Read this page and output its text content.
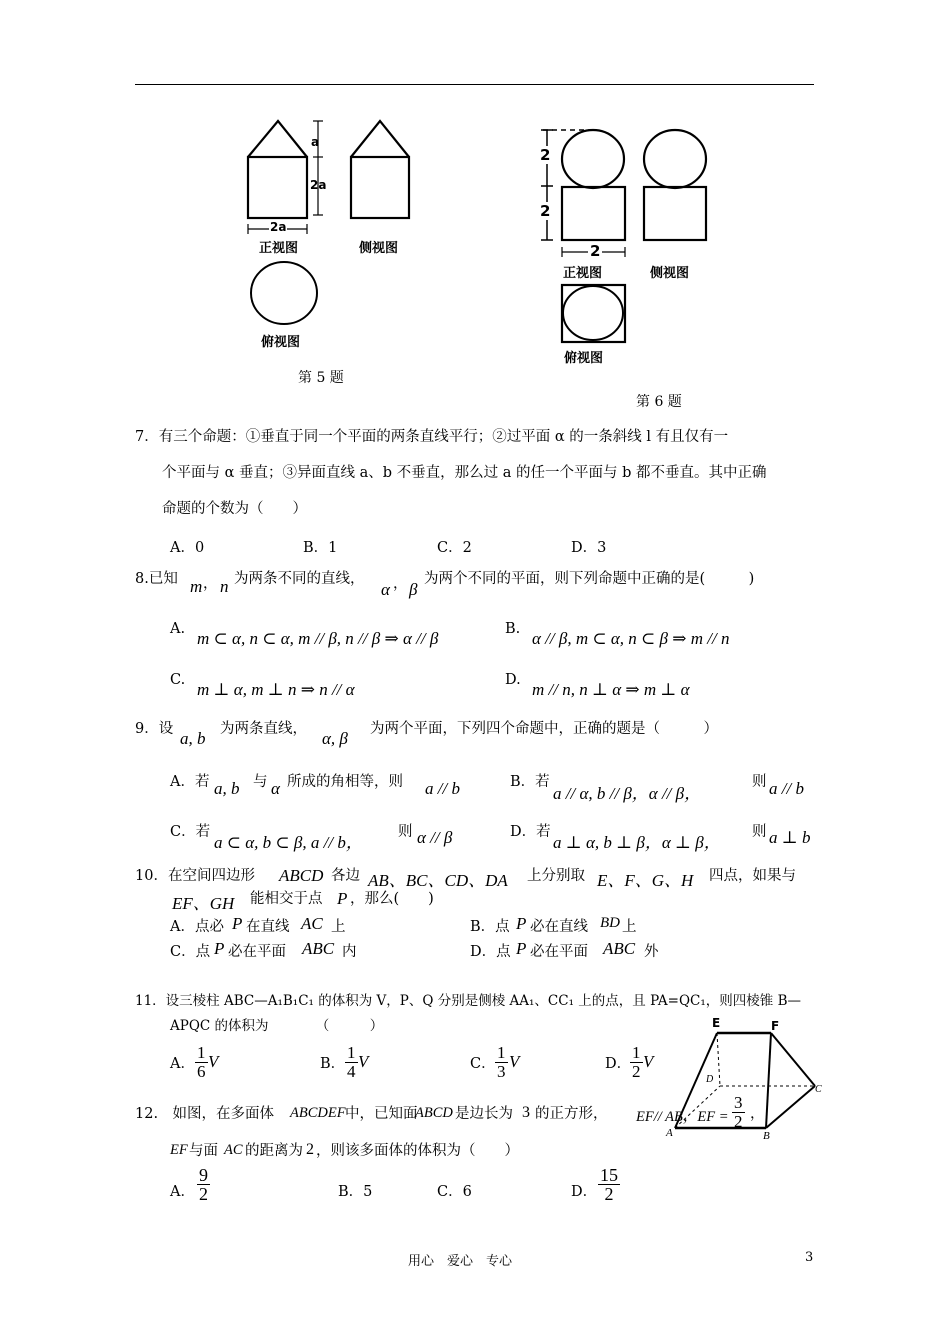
a
2a
2a
正视图	侧视图
俯视图
第 5 题
2
2
2
正视图	侧视图
俯视图
第 6 题
7．有三个命题：①垂直于同一个平面的两条直线平行；②过平面 α 的一条斜线 l 有且仅有一
个平面与 α 垂直；③异面直线 a、b 不垂直，那么过 a 的任一个平面与 b 都不垂直。其中正确
命题的个数为（　　）
A．0	B．1	C．2	D．3
8.已知 m ， n 为两条不同的直线，
α ， β
为两个不同的平面，则下列命题中正确的是(　　　)
A. m ⊂ α, n ⊂ α, m // β, n // β ⇒ α // β	B. α // β, m ⊂ α, n ⊂ β ⇒ m // n
C. m ⊥ α, m ⊥ n ⇒ n // α	D. m // n, n ⊥ α ⇒ m ⊥ α
9．设 a, b 为两条直线， α, β 为两个平面，下列四个命题中，正确的题是（　　　）
A．若 a, b 与 α 所成的角相等，则 a // b	B．若
a // α, b // β，α // β，
则 a // b
C．若
a ⊂ α, b ⊂ β, a // b，
则 α // β	D．若
a ⊥ α, b ⊥ β，α ⊥ β，
则 a ⊥ b
10．在空间四边形 ABCD 各边 AB、BC、CD、DA 上分别取 E、F、G、H 四点，如果与
EF、GH 能相交于点 P ，那么(　　)
A．点必 P 在直线 AC 上	B．点 P 必在直线 BD 上
C．点 P 必在平面 ABC 内	D．点 P 必在平面 ABC 外
11．设三棱柱 ABC—A₁B₁C₁ 的体积为 V，P、Q 分别是侧棱 AA₁、CC₁ 上的点，且 PA=QC₁，则四棱锥 B—
APQC 的体积为　　　　（　　　）
A． $\frac{1}{6}$ V	B． $\frac{1}{4}$ V	C． $\frac{1}{3}$ V	D．
$\frac{1}{2}$ V
E	F
D
C
A	B
12.　如图，在多面体 ABCDEF 中，已知面
ABCD 是边长为 3 的正方形， EF// AB，EF = $\frac{3}{2}$ ，
EF 与面 AC 的距离为 2 ，则该多面体的体积为（　　）
A． $\frac{9}{2}$	B．5	C．6	D． $\frac{15}{2}$
用心　爱心　专心	3
